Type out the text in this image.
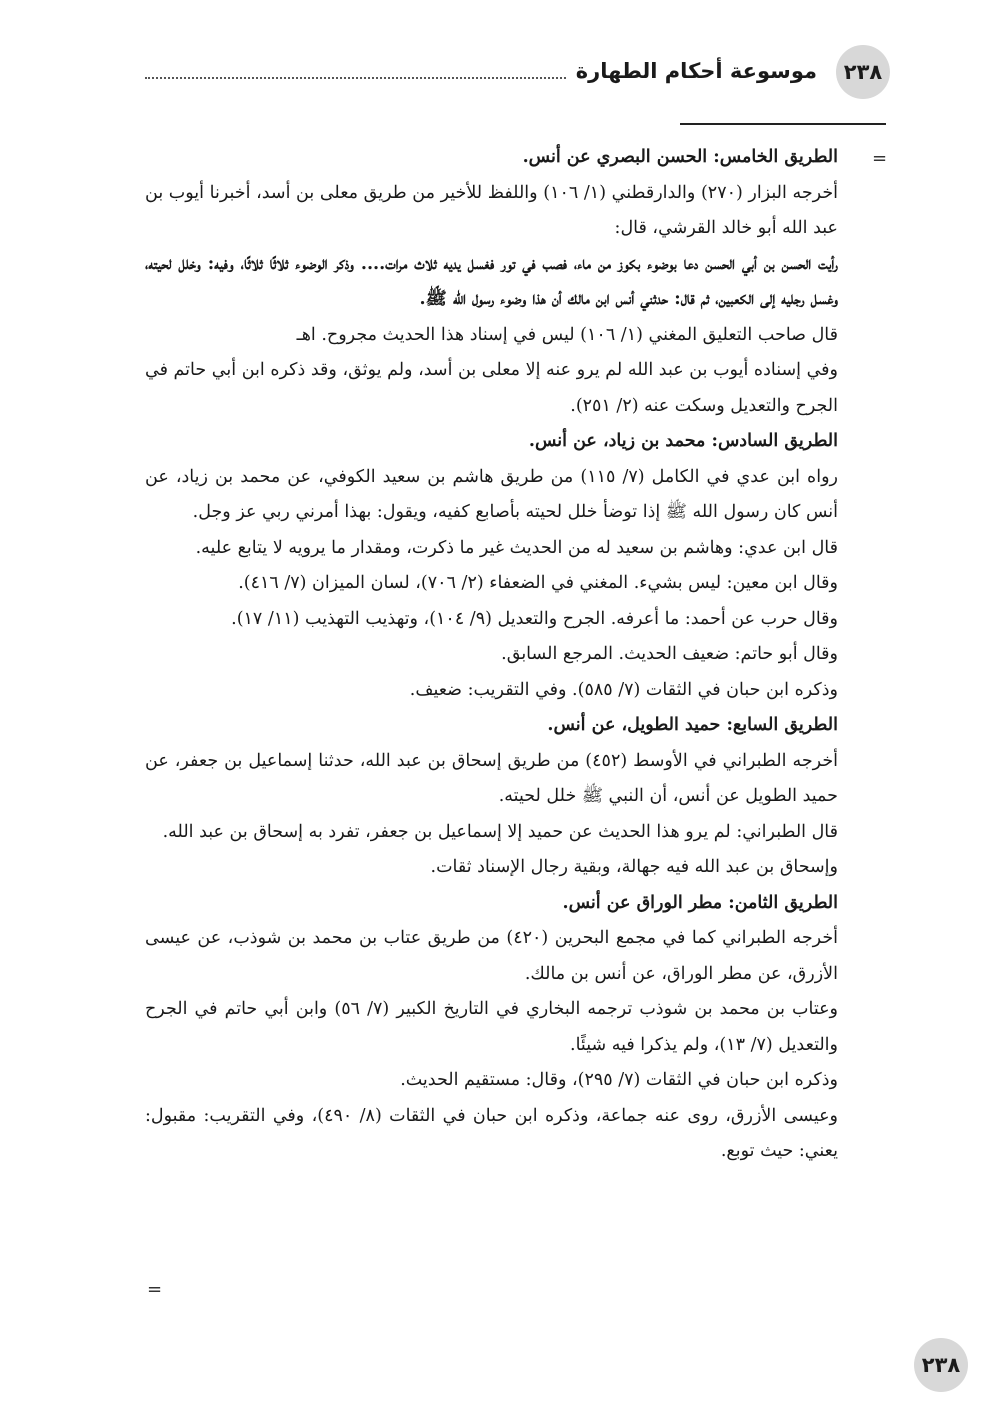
٢٣٨
موسوعة أحكام الطهارة
=

الطريق الخامس: الحسن البصري عن أنس.

أخرجه البزار (٢٧٠) والدارقطني (١/ ١٠٦) واللفظ للأخير من طريق معلى بن أسد، أخبرنا أيوب بن عبد الله أبو خالد القرشي، قال:

رأيت الحسن بن أبي الحسن دعا بوضوء بكوز من ماء، فصب في تور فغسل يديه ثلاث مرات.... وذكر الوضوء ثلاثًا ثلاثًا، وفيه: وخلل لحيته، وغسل رجليه إلى الكعبين، ثم قال: حدثني أنس ابن مالك أن هذا وضوء رسول الله ﷺ.

قال صاحب التعليق المغني (١/ ١٠٦) ليس في إسناد هذا الحديث مجروح. اهـ

وفي إسناده أيوب بن عبد الله لم يرو عنه إلا معلى بن أسد، ولم يوثق، وقد ذكره ابن أبي حاتم في الجرح والتعديل وسكت عنه (٢/ ٢٥١).

الطريق السادس: محمد بن زياد، عن أنس.

رواه ابن عدي في الكامل (٧/ ١١٥) من طريق هاشم بن سعيد الكوفي، عن محمد بن زياد، عن أنس كان رسول الله ﷺ إذا توضأ خلل لحيته بأصابع كفيه، ويقول: بهذا أمرني ربي عز وجل.

قال ابن عدي: وهاشم بن سعيد له من الحديث غير ما ذكرت، ومقدار ما يرويه لا يتابع عليه.

وقال ابن معين: ليس بشيء. المغني في الضعفاء (٢/ ٧٠٦)، لسان الميزان (٧/ ٤١٦).

وقال حرب عن أحمد: ما أعرفه. الجرح والتعديل (٩/ ١٠٤)، وتهذيب التهذيب (١١/ ١٧).

وقال أبو حاتم: ضعيف الحديث. المرجع السابق.

وذكره ابن حبان في الثقات (٧/ ٥٨٥). وفي التقريب: ضعيف.

الطريق السابع: حميد الطويل، عن أنس.

أخرجه الطبراني في الأوسط (٤٥٢) من طريق إسحاق بن عبد الله، حدثنا إسماعيل بن جعفر، عن حميد الطويل عن أنس، أن النبي ﷺ خلل لحيته.

قال الطبراني: لم يرو هذا الحديث عن حميد إلا إسماعيل بن جعفر، تفرد به إسحاق بن عبد الله.

وإسحاق بن عبد الله فيه جهالة، وبقية رجال الإسناد ثقات.

الطريق الثامن: مطر الوراق عن أنس.

أخرجه الطبراني كما في مجمع البحرين (٤٢٠) من طريق عتاب بن محمد بن شوذب، عن عيسى الأزرق، عن مطر الوراق، عن أنس بن مالك.

وعتاب بن محمد بن شوذب ترجمه البخاري في التاريخ الكبير (٧/ ٥٦) وابن أبي حاتم في الجرح والتعديل (٧/ ١٣)، ولم يذكرا فيه شيئًا.

وذكره ابن حبان في الثقات (٧/ ٢٩٥)، وقال: مستقيم الحديث.

وعيسى الأزرق، روى عنه جماعة، وذكره ابن حبان في الثقات (٨/ ٤٩٠)، وفي التقريب: مقبول: يعني: حيث توبع.

=
٢٣٨
